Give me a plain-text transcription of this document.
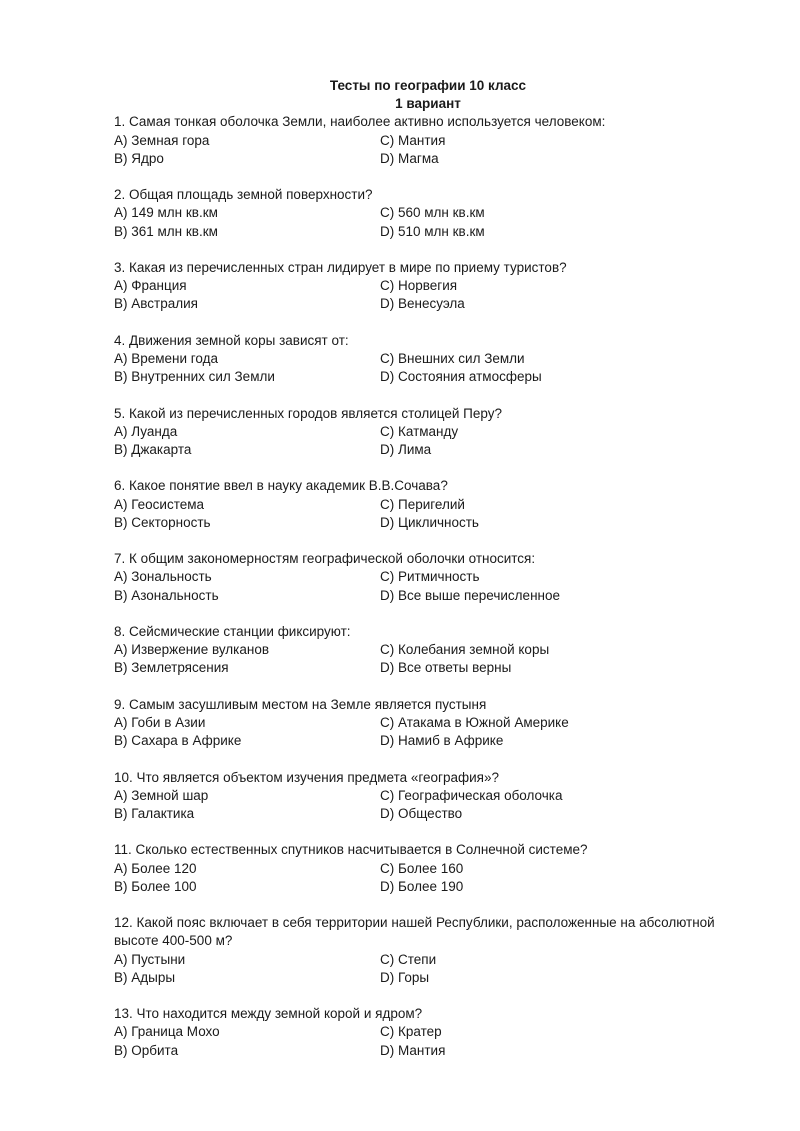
Тесты по географии 10 класс
1 вариант
1. Самая тонкая оболочка Земли, наиболее активно используется человеком:
А) Земная гора	С) Мантия
В) Ядро	D) Магма
2. Общая площадь земной поверхности?
А) 149 млн кв.км	С) 560 млн кв.км
В) 361 млн кв.км	D) 510 млн кв.км
3. Какая из перечисленных стран лидирует в мире по приему туристов?
А) Франция	С) Норвегия
В) Австралия	D) Венесуэла
4. Движения земной коры зависят от:
А) Времени года	С) Внешних сил Земли
В) Внутренних сил Земли	D) Состояния атмосферы
5. Какой из перечисленных городов является столицей Перу?
А) Луанда	С) Катманду
В) Джакарта	D) Лима
6. Какое понятие ввел в науку академик В.В.Сочава?
А) Геосистема	С) Перигелий
В) Секторность	D) Цикличность
7. К общим закономерностям географической оболочки относится:
А) Зональность	С) Ритмичность
В) Азональность	D) Все выше перечисленное
8. Сейсмические станции фиксируют:
А) Извержение вулканов	С) Колебания земной коры
В) Землетрясения	D) Все ответы верны
9. Самым засушливым местом на Земле является пустыня
А) Гоби в Азии	С) Атакама в Южной Америке
В) Сахара в Африке	D) Намиб в Африке
10. Что является объектом изучения предмета «география»?
А) Земной шар	С) Географическая оболочка
В) Галактика	D) Общество
11. Сколько естественных спутников насчитывается в Солнечной системе?
А) Более 120	С) Более 160
В) Более 100	D) Более 190
12. Какой пояс включает в себя территории нашей Республики, расположенные на абсолютной высоте 400-500 м?
А) Пустыни	С) Степи
В) Адыры	D) Горы
13. Что находится между земной корой и ядром?
А) Граница Мохо	С) Кратер
В) Орбита	D) Мантия
